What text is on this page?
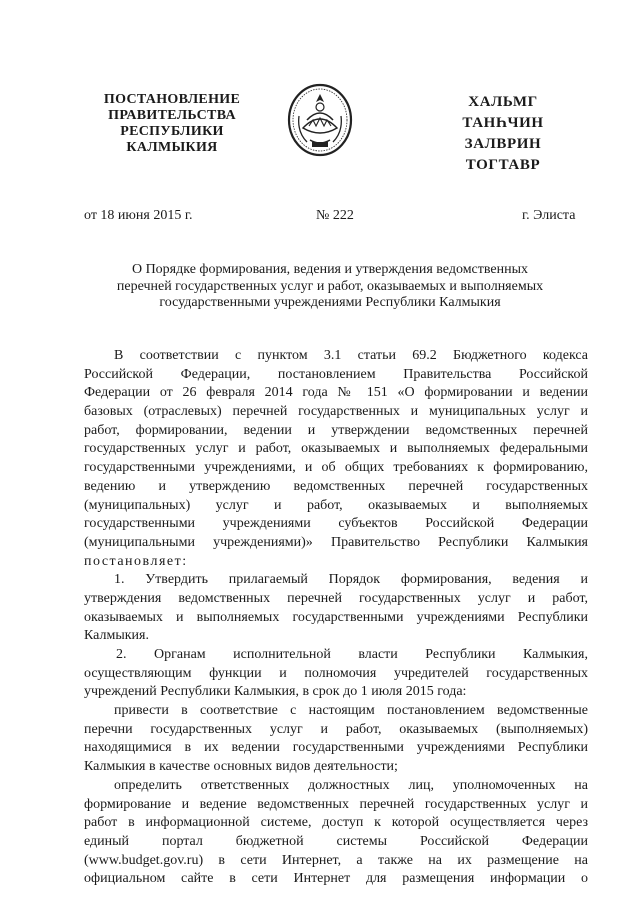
ПОСТАНОВЛЕНИЕ
ПРАВИТЕЛЬСТВА
РЕСПУБЛИКИ
КАЛМЫКИЯ
ХАЛЬМГ
ТАНҺЧИН
ЗАЛВРИН
ТОГТАВР
от 18 июня 2015 г.	№ 222	г. Элиста
О Порядке формирования, ведения и утверждения ведомственных
перечней государственных услуг и работ, оказываемых и выполняемых
государственными учреждениями Республики Калмыкия
В соответствии с пунктом 3.1 статьи 69.2 Бюджетного кодекса
Российской Федерации, постановлением Правительства Российской
Федерации от 26 февраля 2014 года № 151 «О формировании и ведении
базовых (отраслевых) перечней государственных и муниципальных услуг и
работ, формировании, ведении и утверждении ведомственных перечней
государственных услуг и работ, оказываемых и выполняемых федеральными
государственными учреждениями, и об общих требованиях к формированию,
ведению и утверждению ведомственных перечней государственных
(муниципальных) услуг и работ, оказываемых и выполняемых
государственными учреждениями субъектов Российской Федерации
(муниципальными учреждениями)» Правительство Республики Калмыкия
постановляет:
1. Утвердить прилагаемый Порядок формирования, ведения и
утверждения ведомственных перечней государственных услуг и работ,
оказываемых и выполняемых государственными учреждениями Республики
Калмыкия.
2. Органам исполнительной власти Республики Калмыкия,
осуществляющим функции и полномочия учредителей государственных
учреждений Республики Калмыкия, в срок до 1 июля 2015 года:
привести в соответствие с настоящим постановлением ведомственные
перечни государственных услуг и работ, оказываемых (выполняемых)
находящимися в их ведении государственными учреждениями Республики
Калмыкия в качестве основных видов деятельности;
определить ответственных должностных лиц, уполномоченных на
формирование и ведение ведомственных перечней государственных услуг и
работ в информационной системе, доступ к которой осуществляется через
единый портал бюджетной системы Российской Федерации
(www.budget.gov.ru) в сети Интернет, а также на их размещение на
официальном сайте в сети Интернет для размещения информации о
